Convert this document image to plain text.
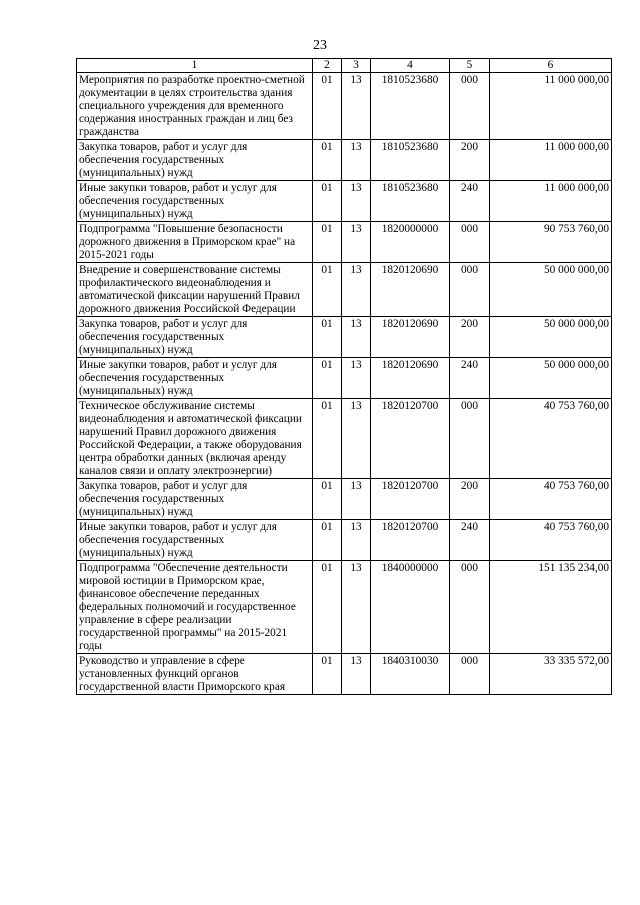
23
1	2	3	4	5	6
Мероприятия по разработке проектно-сметной документации в целях строительства здания специального учреждения для временного содержания иностранных граждан и лиц без гражданства	01	13	1810523680	000	11 000 000,00
Закупка товаров, работ и услуг для обеспечения государственных (муниципальных) нужд	01	13	1810523680	200	11 000 000,00
Иные закупки товаров, работ и услуг для обеспечения государственных (муниципальных) нужд	01	13	1810523680	240	11 000 000,00
Подпрограмма "Повышение безопасности дорожного движения в Приморском крае" на 2015-2021 годы	01	13	1820000000	000	90 753 760,00
Внедрение и совершенствование системы профилактического видеонаблюдения и автоматической фиксации нарушений Правил дорожного движения Российской Федерации	01	13	1820120690	000	50 000 000,00
Закупка товаров, работ и услуг для обеспечения государственных (муниципальных) нужд	01	13	1820120690	200	50 000 000,00
Иные закупки товаров, работ и услуг для обеспечения государственных (муниципальных) нужд	01	13	1820120690	240	50 000 000,00
Техническое обслуживание системы видеонаблюдения и автоматической фиксации нарушений Правил дорожного движения Российской Федерации, а также оборудования центра обработки данных (включая аренду каналов связи и оплату электроэнергии)	01	13	1820120700	000	40 753 760,00
Закупка товаров, работ и услуг для обеспечения государственных (муниципальных) нужд	01	13	1820120700	200	40 753 760,00
Иные закупки товаров, работ и услуг для обеспечения государственных (муниципальных) нужд	01	13	1820120700	240	40 753 760,00
Подпрограмма "Обеспечение деятельности мировой юстиции в Приморском крае, финансовое обеспечение переданных федеральных полномочий и государственное управление в сфере реализации государственной программы" на 2015-2021 годы	01	13	1840000000	000	151 135 234,00
Руководство и управление в сфере установленных функций органов государственной власти Приморского края	01	13	1840310030	000	33 335 572,00
